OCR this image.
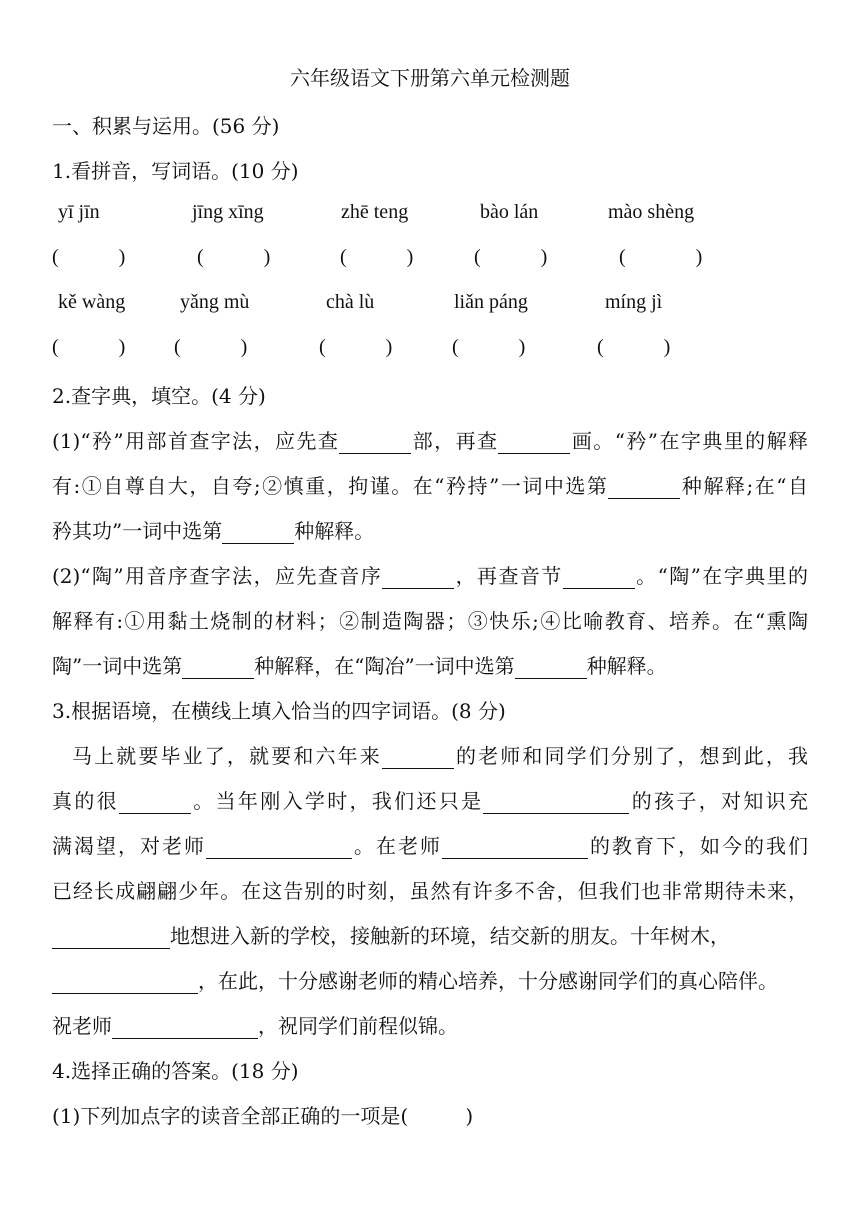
六年级语文下册第六单元检测题
一、积累与运用。(56 分)
1.看拼音，写词语。(10 分)
yī jīn	jīng xīng	zhē teng	bào lán	mào shèng
(	)	(	)	(	)	(	)	(	)
kě wàng	yǎng mù	chà lù	liǎn páng	míng jì
(	) (	)	(	)	(	)	(	)
2.查字典，填空。(4 分)
(1)“矜”用部首查字法，应先查	部，再查	画。“矜”在字典里的解释
有:①自尊自大，自夸;②慎重，拘谨。在“矜持”一词中选第	种解释;在“自
矜其功”一词中选第	种解释。
(2)“陶”用音序查字法，应先查音序	，再查音节	。“陶”在字典里的
解释有:①用黏土烧制的材料；②制造陶器；③快乐;④比喻教育、培养。在“熏陶
陶”一词中选第	种解释，在“陶冶”一词中选第	种解释。
3.根据语境，在横线上填入恰当的四字词语。(8 分)
马上就要毕业了，就要和六年来	的老师和同学们分别了，想到此，我
真的很	。当年刚入学时，我们还只是	的孩子，对知识充
满渴望，对老师	。在老师	的教育下，如今的我们
已经长成翩翩少年。在这告别的时刻，虽然有许多不舍，但我们也非常期待未来，
地想进入新的学校，接触新的环境，结交新的朋友。十年树木，
，在此，十分感谢老师的精心培养，十分感谢同学们的真心陪伴。
祝老师	，祝同学们前程似锦。
4.选择正确的答案。(18 分)
(1)下列加点字的读音全部正确的一项是(	)
